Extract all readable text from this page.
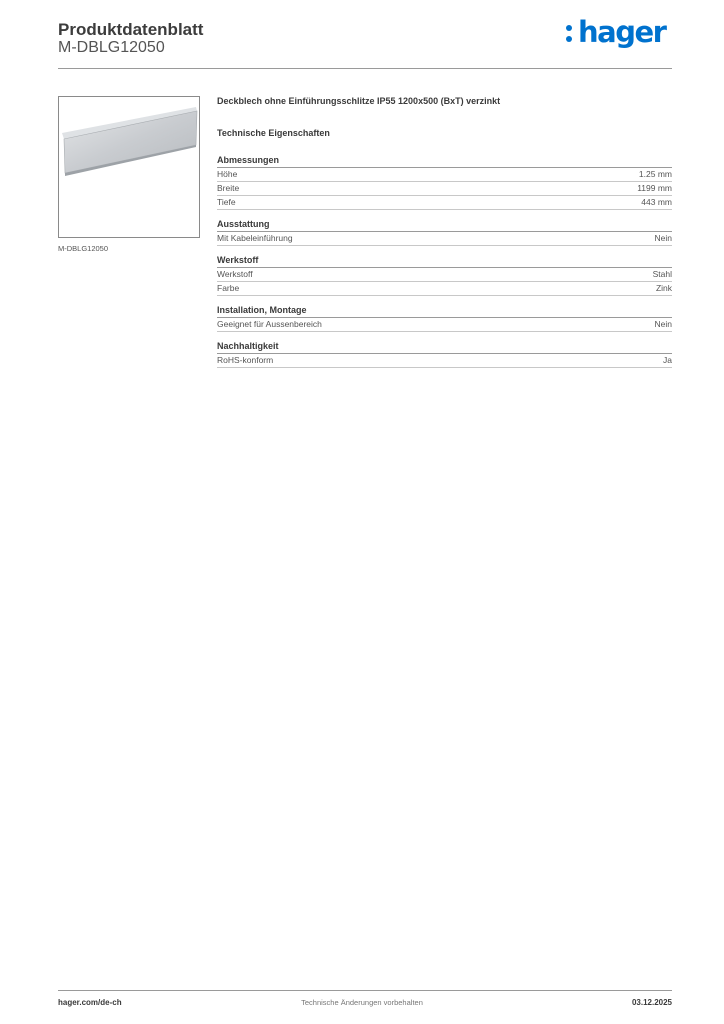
Produktdatenblatt
M-DBLG12050	hager
M-DBLG12050
Deckblech ohne Einführungsschlitze IP55 1200x500 (BxT) verzinkt
Technische Eigenschaften
Abmessungen
Höhe	1.25 mm
Breite	1199 mm
Tiefe	443 mm
Ausstattung
Mit Kabeleinführung	Nein
Werkstoff
Werkstoff	Stahl
Farbe	Zink
Installation, Montage
Geeignet für Aussenbereich	Nein
Nachhaltigkeit
RoHS-konform	Ja
hager.com/de-ch	Technische Änderungen vorbehalten	03.12.2025
